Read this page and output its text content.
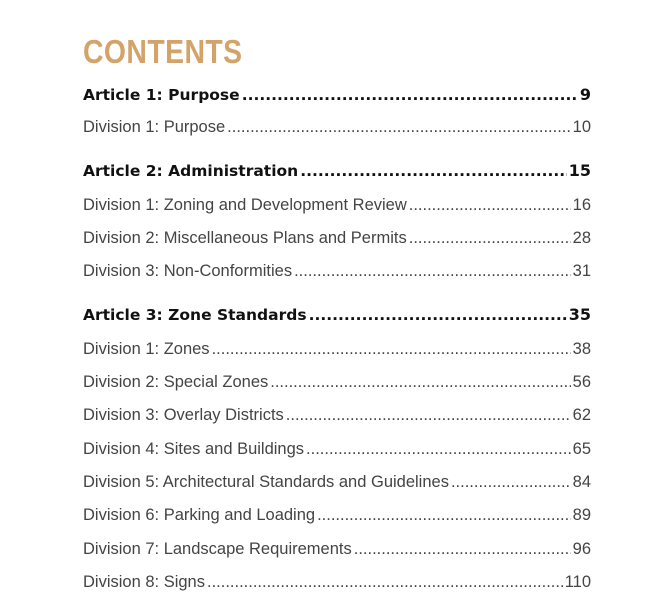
CONTENTS
Article 1: Purpose .....	9
Division 1: Purpose .....	10
Article 2: Administration .....	15
Division 1: Zoning and Development Review .....	16
Division 2: Miscellaneous Plans and Permits .....	28
Division 3: Non-Conformities .....	31
Article 3: Zone Standards .....	35
Division 1: Zones .....	38
Division 2: Special Zones .....	56
Division 3: Overlay Districts .....	62
Division 4: Sites and Buildings .....	65
Division 5: Architectural Standards and Guidelines .....	84
Division 6: Parking and Loading .....	89
Division 7: Landscape Requirements .....	96
Division 8: Signs .....	110
